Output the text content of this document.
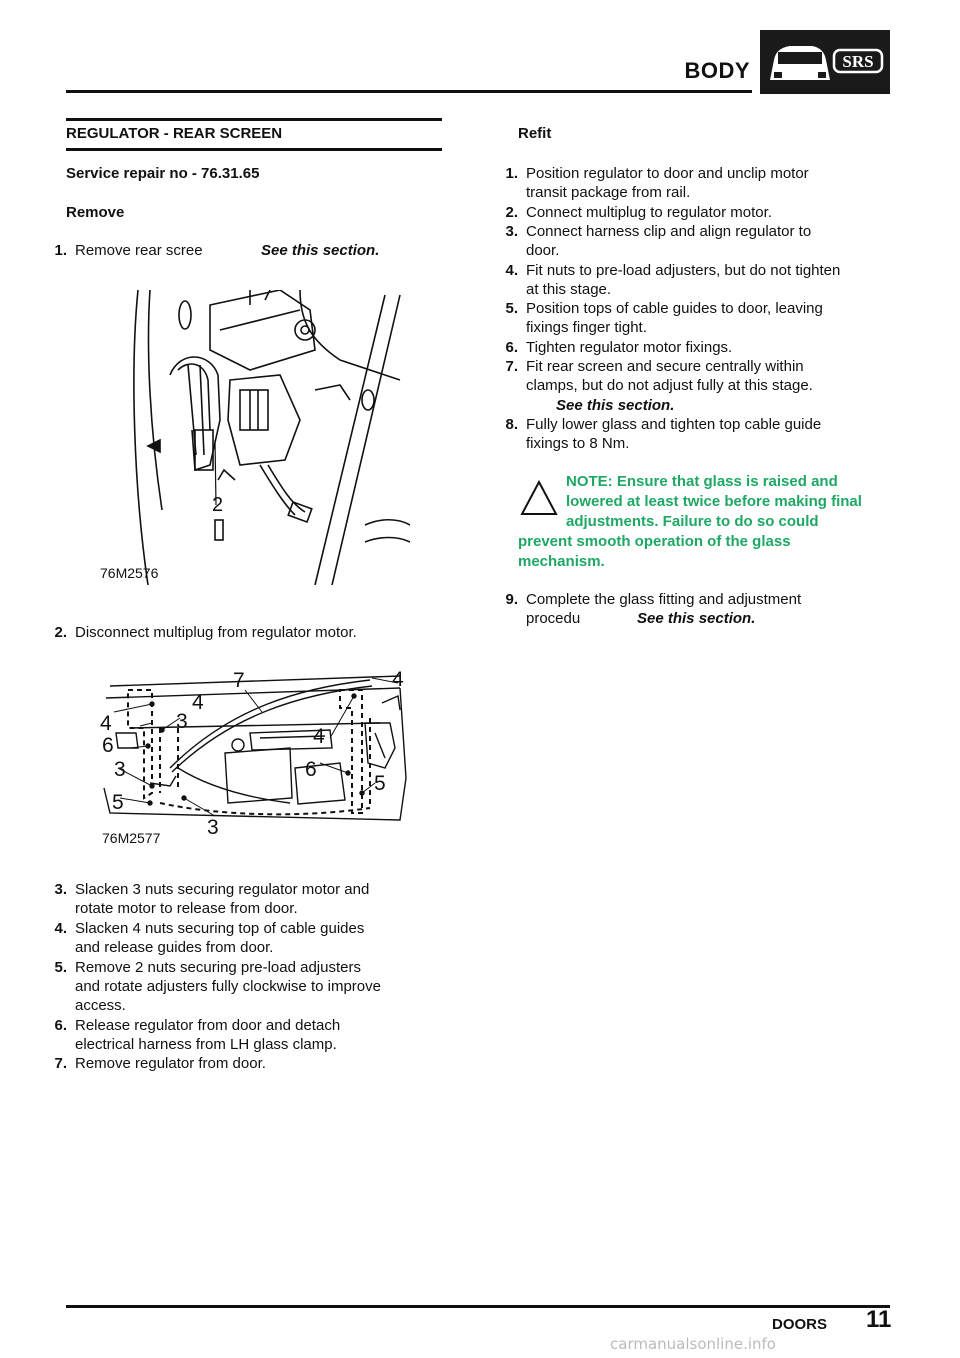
BODY	SRS
REGULATOR - REAR SCREEN
Service repair no - 76.31.65
Remove
1. Remove rear scree	See this section.
2
76M2576
2. Disconnect multiplug from regulator motor.
7	4
4
4	3
6
3
5
4
6
5
3
76M2577
3. Slacken 3 nuts securing regulator motor and
rotate motor to release from door.
4. Slacken 4 nuts securing top of cable guides
and release guides from door.
5. Remove 2 nuts securing pre-load adjusters
and rotate adjusters fully clockwise to improve
access.
6. Release regulator from door and detach
electrical harness from LH glass clamp.
7. Remove regulator from door.
Refit
1. Position regulator to door and unclip motor
transit package from rail.
2. Connect multiplug to regulator motor.
3. Connect harness clip and align regulator to
door.
4. Fit nuts to pre-load adjusters, but do not tighten
at this stage.
5. Position tops of cable guides to door, leaving
fixings finger tight.
6. Tighten regulator motor fixings.
7. Fit rear screen and secure centrally within
clamps, but do not adjust fully at this stage.
See this section.
8. Fully lower glass and tighten top cable guide
fixings to 8 Nm.
NOTE: Ensure that glass is raised and
lowered at least twice before making final
adjustments. Failure to do so could
prevent smooth operation of the glass
mechanism.
9. Complete the glass fitting and adjustment
procedu	See this section.
DOORS 11
carmanualsonline.info
